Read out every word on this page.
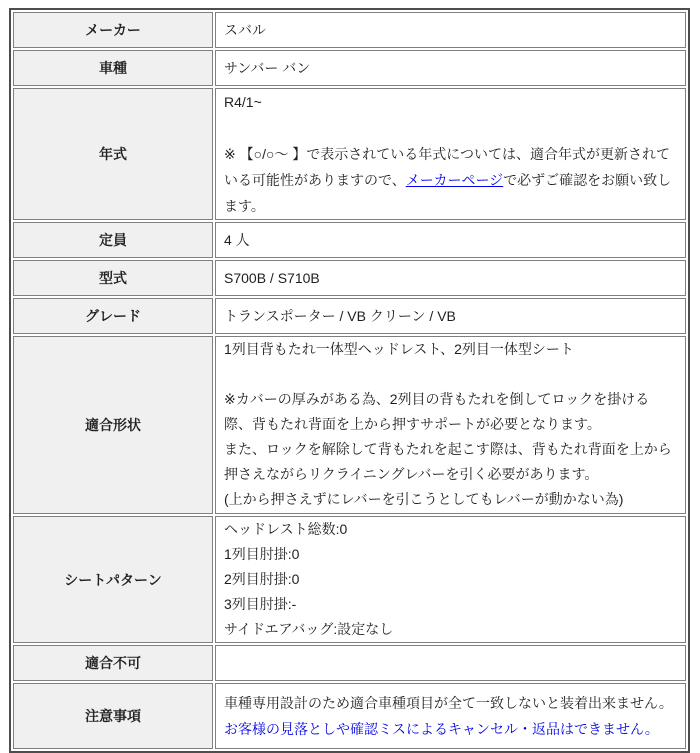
メーカー	スバル
車種	サンバー バン
年式	R4/1~
※ 【○/○～ 】で表示されている年式については、適合年式が更新されている可能性がありますので、メーカーページで必ずご確認をお願い致します。

定員	4 人
型式	S700B / S710B
グレード	トランスポーター / VB クリーン / VB
適合形状	1列目背もたれ一体型ヘッドレスト、2列目一体型シート
※カバーの厚みがある為、2列目の背もたれを倒してロックを掛ける際、背もたれ背面を上から押すサポートが必要となります。
また、ロックを解除して背もたれを起こす際は、背もたれ背面を上から押さえながらリクライニングレバーを引く必要があります。
(上から押さえずにレバーを引こうとしてもレバーが動かない為)

シートパターン	ヘッドレスト総数:0
1列目肘掛:0
2列目肘掛:0
3列目肘掛:-
サイドエアバッグ:設定なし

適合不可	
注意事項	車種専用設計のため適合車種項目が全て一致しないと装着出来ません。
お客様の見落としや確認ミスによるキャンセル・返品はできません。
